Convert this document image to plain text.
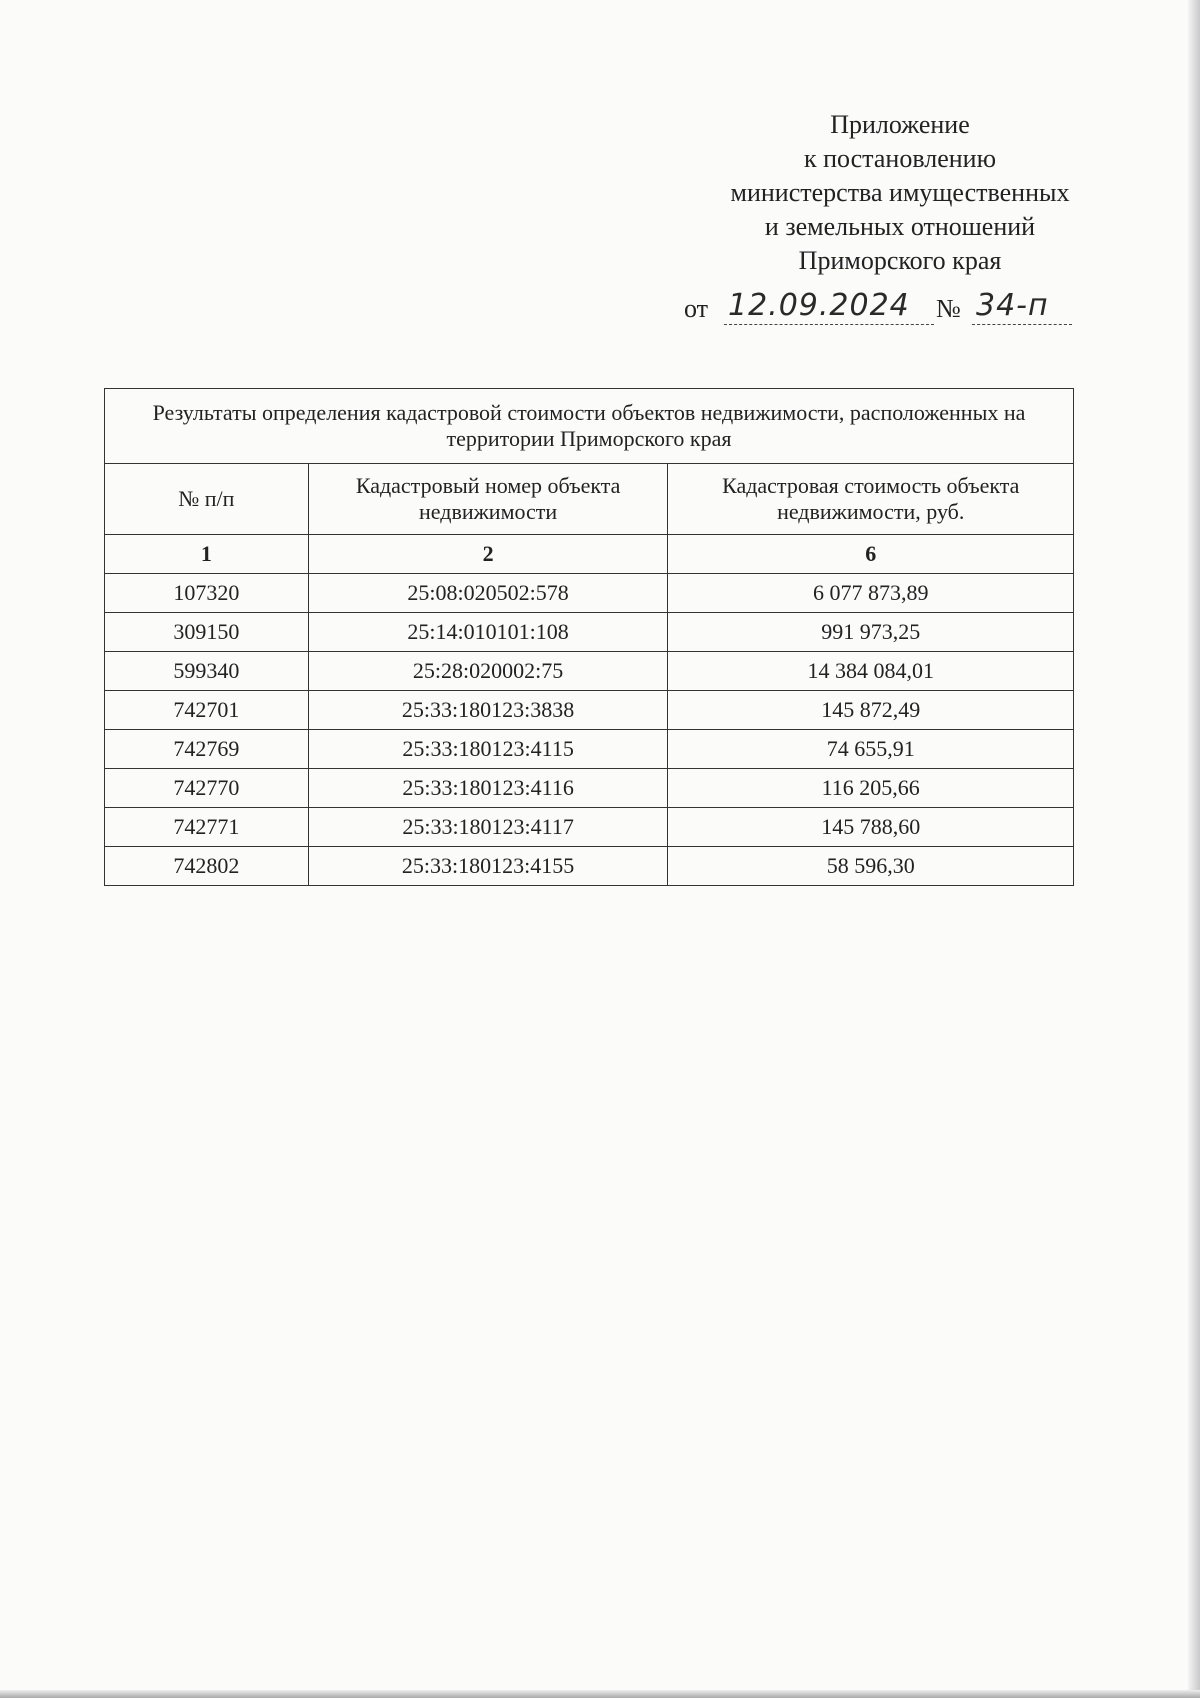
Приложение
к постановлению
министерства имущественных
и земельных отношений
Приморского края
от 12.09.2024 № 34-п
Результаты определения кадастровой стоимости объектов недвижимости, расположенных на территории Приморского края		
№ п/п	Кадастровый номер объекта недвижимости	Кадастровая стоимость объекта недвижимости, руб.
1	2	6
107320	25:08:020502:578	6 077 873,89
309150	25:14:010101:108	991 973,25
599340	25:28:020002:75	14 384 084,01
742701	25:33:180123:3838	145 872,49
742769	25:33:180123:4115	74 655,91
742770	25:33:180123:4116	116 205,66
742771	25:33:180123:4117	145 788,60
742802	25:33:180123:4155	58 596,30
